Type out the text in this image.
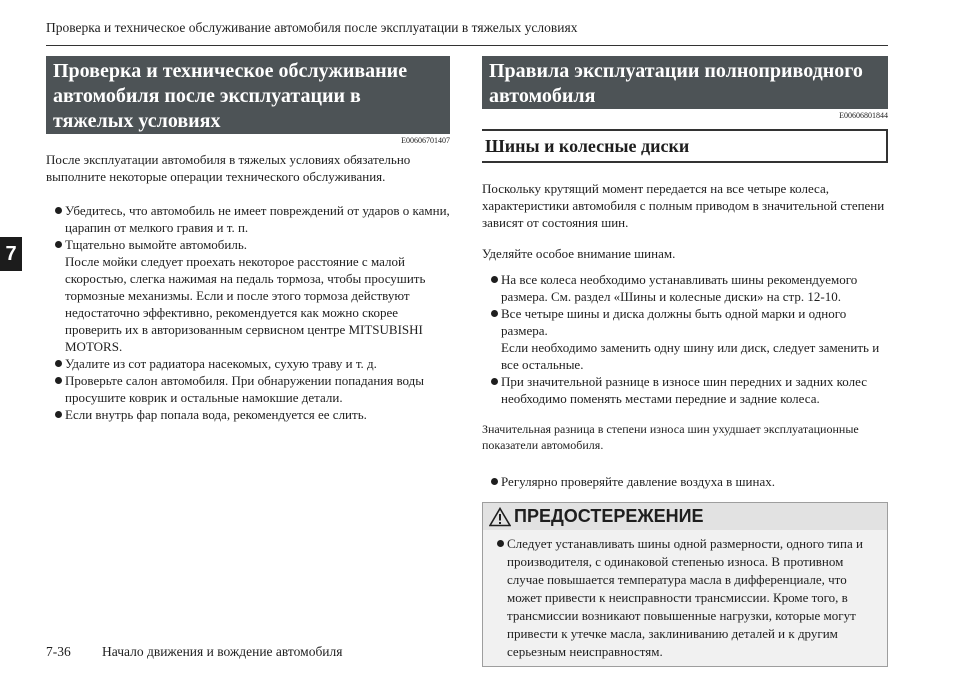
Проверка и техническое обслуживание автомобиля после эксплуатации в тяжелых условиях
7
Проверка и техническое обслуживание автомобиля после эксплуатации в тяжелых условиях
E00606701407

После эксплуатации автомобиля в тяжелых условиях обязательно выполните некоторые операции технического обслуживания.

Убедитесь, что автомобиль не имеет повреждений от ударов о камни, царапин от мелкого гравия и т. п.
Тщательно вымойте автомобиль.
После мойки следует проехать некоторое расстояние с малой скоростью, слегка нажимая на педаль тормоза, чтобы просушить тормозные механизмы. Если и после этого тормоза действуют недостаточно эффективно, рекомендуется как можно скорее проверить их в авторизованным сервисном центре MITSUBISHI MOTORS.
Удалите из сот радиатора насекомых, сухую траву и т. д.
Проверьте салон автомобиля. При обнаружении попадания воды просушите коврик и остальные намокшие детали.
Если внутрь фар попала вода, рекомендуется ее слить.
Правила эксплуатации полноприводного автомобиля
E00606801844
Шины и колесные диски

Поскольку крутящий момент передается на все четыре колеса, характеристики автомобиля с полным приводом в значительной степени зависят от состояния шин.

Уделяйте особое внимание шинам.

На все колеса необходимо устанавливать шины рекомендуемого размера. См. раздел «Шины и колесные диски» на стр. 12-10.
Все четыре шины и диска должны быть одной марки и одного размера.
Если необходимо заменить одну шину или диск, следует заменить и все остальные.
При значительной разнице в износе шин передних и задних колес необходимо поменять местами передние и задние колеса.

Значительная разница в степени износа шин ухудшает эксплуатационные показатели автомобиля.

Регулярно проверяйте давление воздуха в шинах.
ПРЕДОСТЕРЕЖЕНИЕ
Следует устанавливать шины одной размерности, одного типа и производителя, с одинаковой степенью износа. В противном случае повышается температура масла в дифференциале, что может привести к неисправности трансмиссии. Кроме того, в трансмиссии возникают повышенные нагрузки, которые могут привести к утечке масла, заклиниванию деталей и к другим серьезным неисправностям.
7-36 Начало движения и вождение автомобиля
